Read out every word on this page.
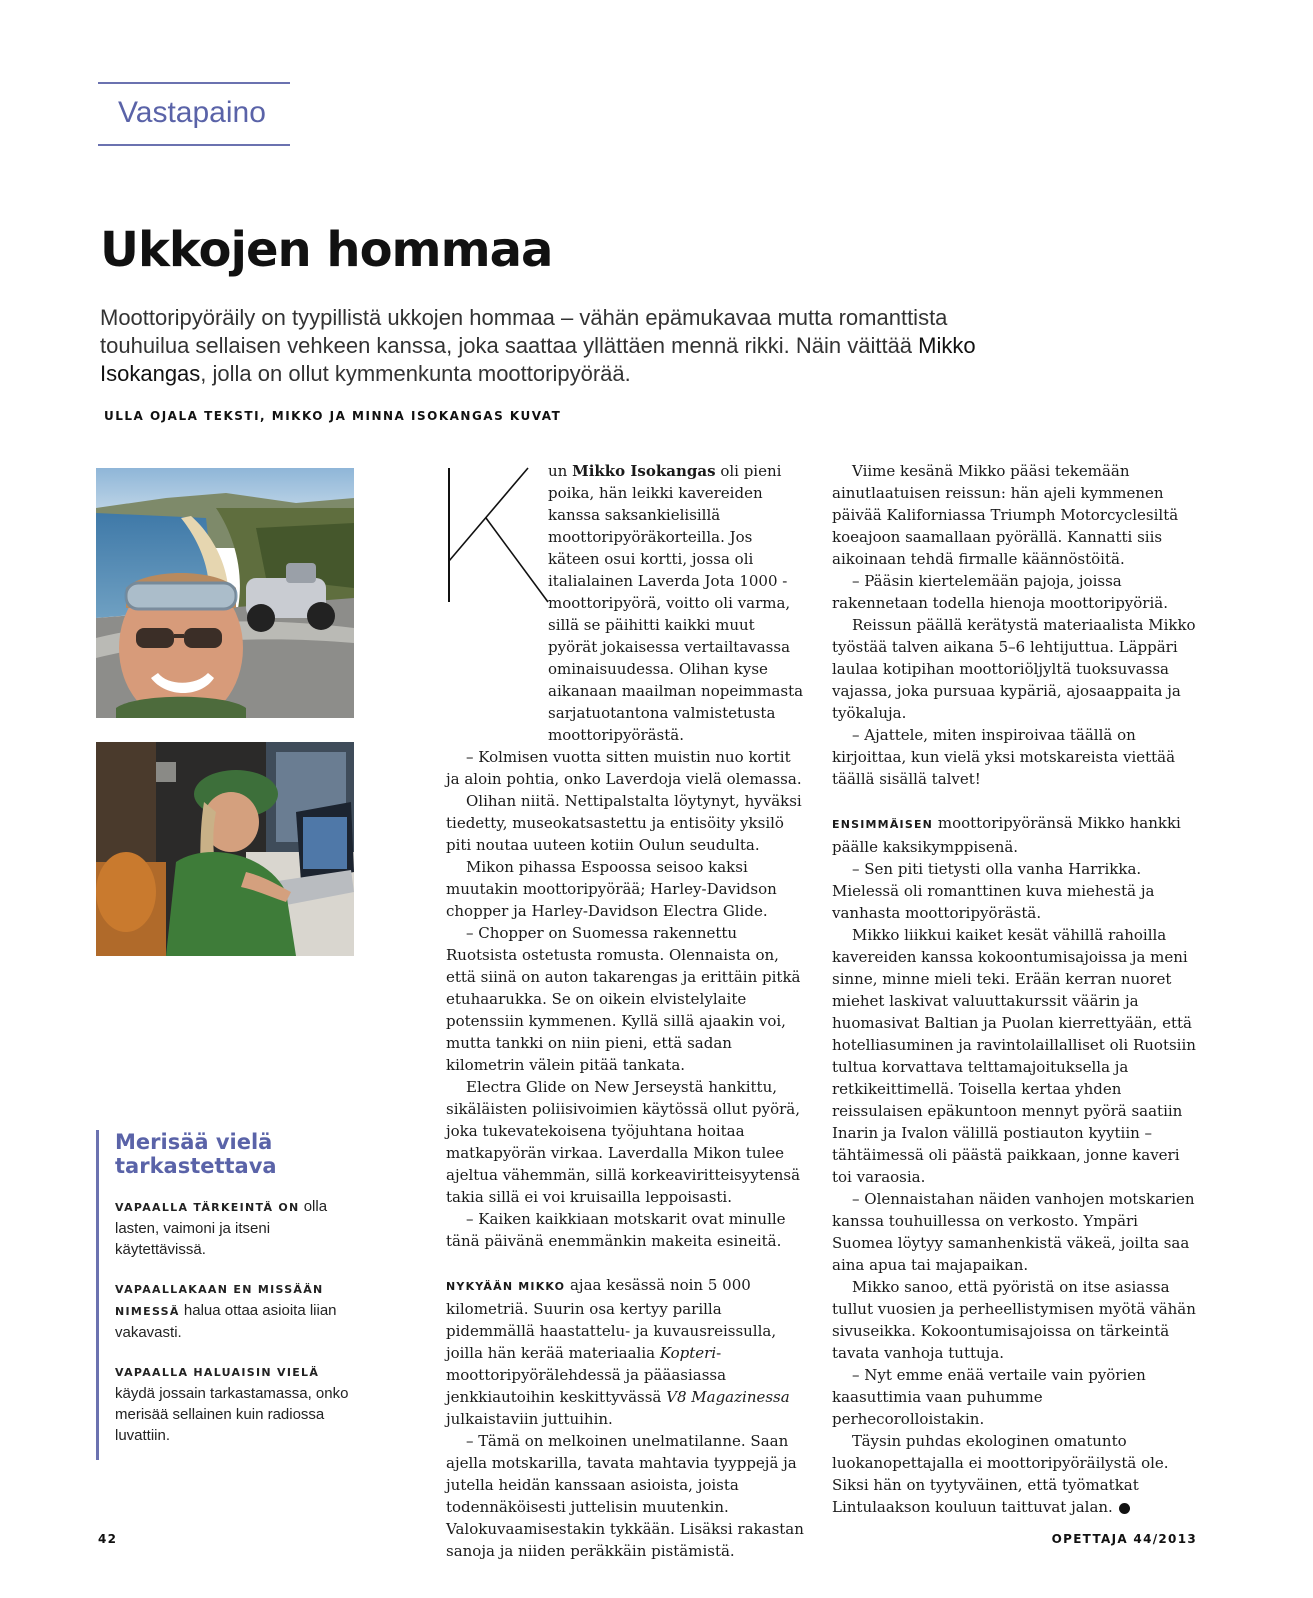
Vastapaino
Ukkojen hommaa
Moottoripyöräily on tyypillistä ukkojen hommaa – vähän epämukavaa mutta romanttista touhuilua sellaisen vehkeen kanssa, joka saattaa yllättäen mennä rikki. Näin väittää Mikko Isokangas, jolla on ollut kymmenkunta moottoripyörää.
ULLA OJALA TEKSTI, MIKKO JA MINNA ISOKANGAS KUVAT

un Mikko Isokangas oli pieni poika, hän leikki kavereiden kanssa saksankielisillä moottoripyöräkorteilla. Jos käteen osui kortti, jossa oli italialainen Laverda Jota 1000 -moottoripyörä, voitto oli varma, sillä se päihitti kaikki muut pyörät jokaisessa vertailtavassa ominaisuudessa. Olihan kyse aikanaan maailman nopeimmasta sarjatuotantona valmistetusta moottoripyörästä.

– Kolmisen vuotta sitten muistin nuo kortit ja aloin pohtia, onko Laverdoja vielä olemassa.

Olihan niitä. Nettipalstalta löytynyt, hyväksi tiedetty, museokatsastettu ja entisöity yksilö piti noutaa uuteen kotiin Oulun seudulta.

Mikon pihassa Espoossa seisoo kaksi muutakin moottoripyörää; Harley-Davidson chopper ja Harley-Davidson Electra Glide.

– Chopper on Suomessa rakennettu Ruotsista ostetusta romusta. Olennaista on, että siinä on auton takarengas ja erittäin pitkä etuhaarukka. Se on oikein elvistelylaite potenssiin kymmenen. Kyllä sillä ajaakin voi, mutta tankki on niin pieni, että sadan kilometrin välein pitää tankata.

Electra Glide on New Jerseystä hankittu, sikäläisten poliisivoimien käytössä ollut pyörä, joka tukevatekoisena työjuhtana hoitaa matkapyörän virkaa. Laverdalla Mikon tulee ajeltua vähemmän, sillä korkeaviritteisyytensä takia sillä ei voi kruisailla leppoisasti.

– Kaiken kaikkiaan motskarit ovat minulle tänä päivänä enemmänkin makeita esineitä.

NYKYÄÄN MIKKO ajaa kesässä noin 5 000 kilometriä. Suurin osa kertyy parilla pidemmällä haastattelu- ja kuvausreissulla, joilla hän kerää materiaalia Kopteri-moottoripyörälehdessä ja pääasiassa jenkkiautoihin keskittyvässä V8 Magazinessa julkaistaviin juttuihin.

– Tämä on melkoinen unelmatilanne. Saan ajella motskarilla, tavata mahtavia tyyppejä ja jutella heidän kanssaan asioista, joista todennäköisesti juttelisin muutenkin. Valokuvaamisestakin tykkään. Lisäksi rakastan sanoja ja niiden peräkkäin pistämistä.

Viime kesänä Mikko pääsi tekemään ainutlaatuisen reissun: hän ajeli kymmenen päivää Kaliforniassa Triumph Motorcyclesiltä koeajoon saamallaan pyörällä. Kannatti siis aikoinaan tehdä firmalle käännöstöitä.

– Pääsin kiertelemään pajoja, joissa rakennetaan todella hienoja moottoripyöriä.

Reissun päällä kerätystä materiaalista Mikko työstää talven aikana 5–6 lehtijuttua. Läppäri laulaa kotipihan moottoriöljyltä tuoksuvassa vajassa, joka pursuaa kypäriä, ajosaappaita ja työkaluja.

– Ajattele, miten inspiroivaa täällä on kirjoittaa, kun vielä yksi motskareista viettää täällä sisällä talvet!

ENSIMMÄISEN moottoripyöränsä Mikko hankki päälle kaksikymppisenä.

– Sen piti tietysti olla vanha Harrikka. Mielessä oli romanttinen kuva miehestä ja vanhasta moottoripyörästä.

Mikko liikkui kaiket kesät vähillä rahoilla kavereiden kanssa kokoontumisajoissa ja meni sinne, minne mieli teki. Erään kerran nuoret miehet laskivat valuuttakurssit väärin ja huomasivat Baltian ja Puolan kierrettyään, että hotelliasuminen ja ravintolaillalliset oli Ruotsiin tultua korvattava telttamajoituksella ja retkikeittimellä. Toisella kertaa yhden reissulaisen epäkuntoon mennyt pyörä saatiin Inarin ja Ivalon välillä postiauton kyytiin – tähtäimessä oli päästä paikkaan, jonne kaveri toi varaosia.

– Olennaistahan näiden vanhojen motskarien kanssa touhuillessa on verkosto. Ympäri Suomea löytyy samanhenkistä väkeä, joilta saa aina apua tai majapaikan.

Mikko sanoo, että pyöristä on itse asiassa tullut vuosien ja perheellistymisen myötä vähän sivuseikka. Kokoontumisajoissa on tärkeintä tavata vanhoja tuttuja.

– Nyt emme enää vertaile vain pyörien kaasuttimia vaan puhumme perhecorolloistakin.

Täysin puhdas ekologinen omatunto luokanopettajalla ei moottoripyöräilystä ole. Siksi hän on tyytyväinen, että työmatkat Lintulaakson kouluun taittuvat jalan.

Merisää vielä tarkastettava
VAPAALLA TÄRKEINTÄ ON olla lasten, vaimoni ja itseni käytettävissä.
VAPAALLAKAAN EN MISSÄÄN NIMESSÄ halua ottaa asioita liian vakavasti.
VAPAALLA HALUAISIN VIELÄ käydä jossain tarkastamassa, onko merisää sellainen kuin radiossa luvattiin.
42	OPETTAJA 44/2013
